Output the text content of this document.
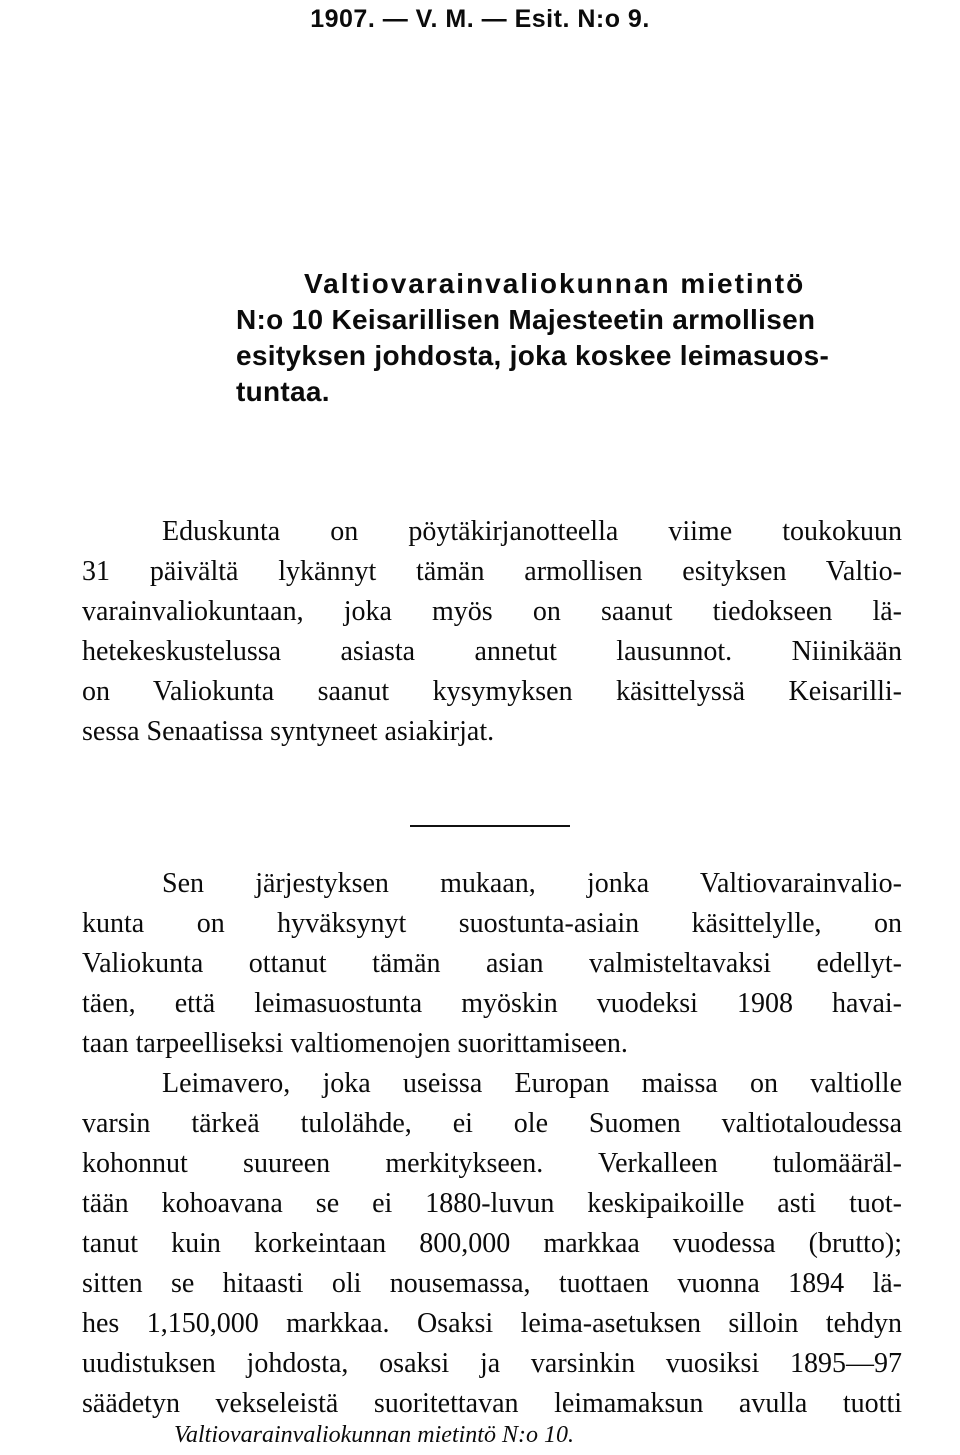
1907. — V. M. — Esit. N:o 9.
Valtiovarainvaliokunnan mietintö
N:o 10 Keisarillisen Majesteetin armollisen
esityksen johdosta, joka koskee leimasuos-
tuntaa.
Eduskunta on pöytäkirjanotteella viime toukokuun
31 päivältä lykännyt tämän armollisen esityksen Valtio-
varainvaliokuntaan, joka myös on saanut tiedokseen lä-
hetekeskustelussa asiasta annetut lausunnot. Niinikään
on Valiokunta saanut kysymyksen käsittelyssä Keisarilli-
sessa Senaatissa syntyneet asiakirjat.
Sen järjestyksen mukaan, jonka Valtiovarainvalio-
kunta on hyväksynyt suostunta-asiain käsittelylle, on
Valiokunta ottanut tämän asian valmisteltavaksi edellyt-
täen, että leimasuostunta myöskin vuodeksi 1908 havai-
taan tarpeelliseksi valtiomenojen suorittamiseen.
Leimavero, joka useissa Europan maissa on valtiolle
varsin tärkeä tulolähde, ei ole Suomen valtiotaloudessa
kohonnut suureen merkitykseen. Verkalleen tulomääräl-
tään kohoavana se ei 1880-luvun keskipaikoille asti tuot-
tanut kuin korkeintaan 800,000 markkaa vuodessa (brutto);
sitten se hitaasti oli nousemassa, tuottaen vuonna 1894 lä-
hes 1,150,000 markkaa. Osaksi leima-asetuksen silloin tehdyn
uudistuksen johdosta, osaksi ja varsinkin vuosiksi 1895—97
säädetyn vekseleistä suoritettavan leimamaksun avulla tuotti
Valtiovarainvaliokunnan mietintö N:o 10.
